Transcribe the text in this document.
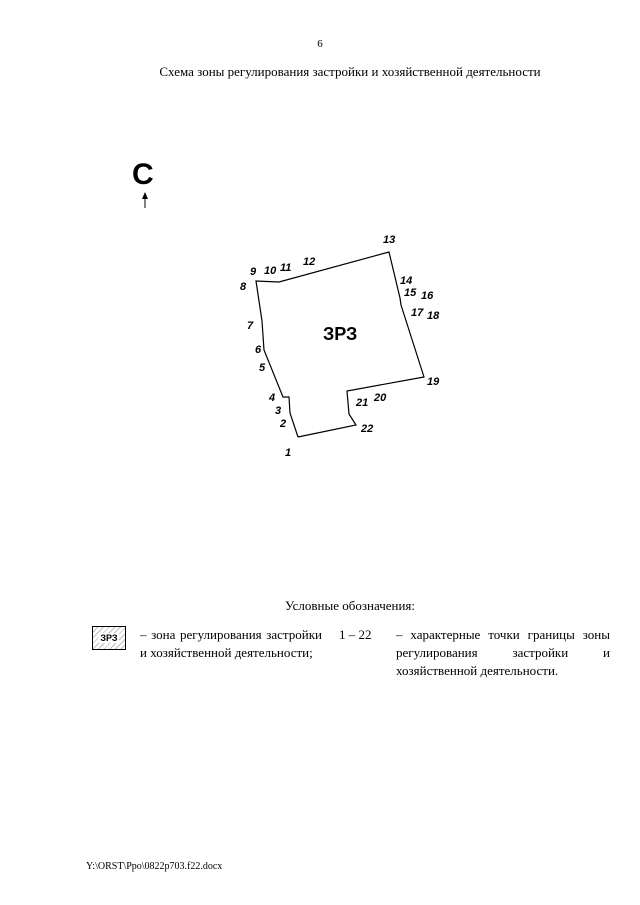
6
Схема зоны регулирования застройки и хозяйственной деятельности
С
ЗРЗ
1
2
3
4
5
6
7
8
9 10 11 12
13
14
15 16
17 18
19
20
21
22
Условные обозначения:
ЗРЗ – зона регулирования застройки и хозяйственной деятельности;
1 – 22 – характерные точки границы зоны регулирования застройки и хозяйственной деятельности.
Y:\ORST\Ppo\0822p703.f22.docx
